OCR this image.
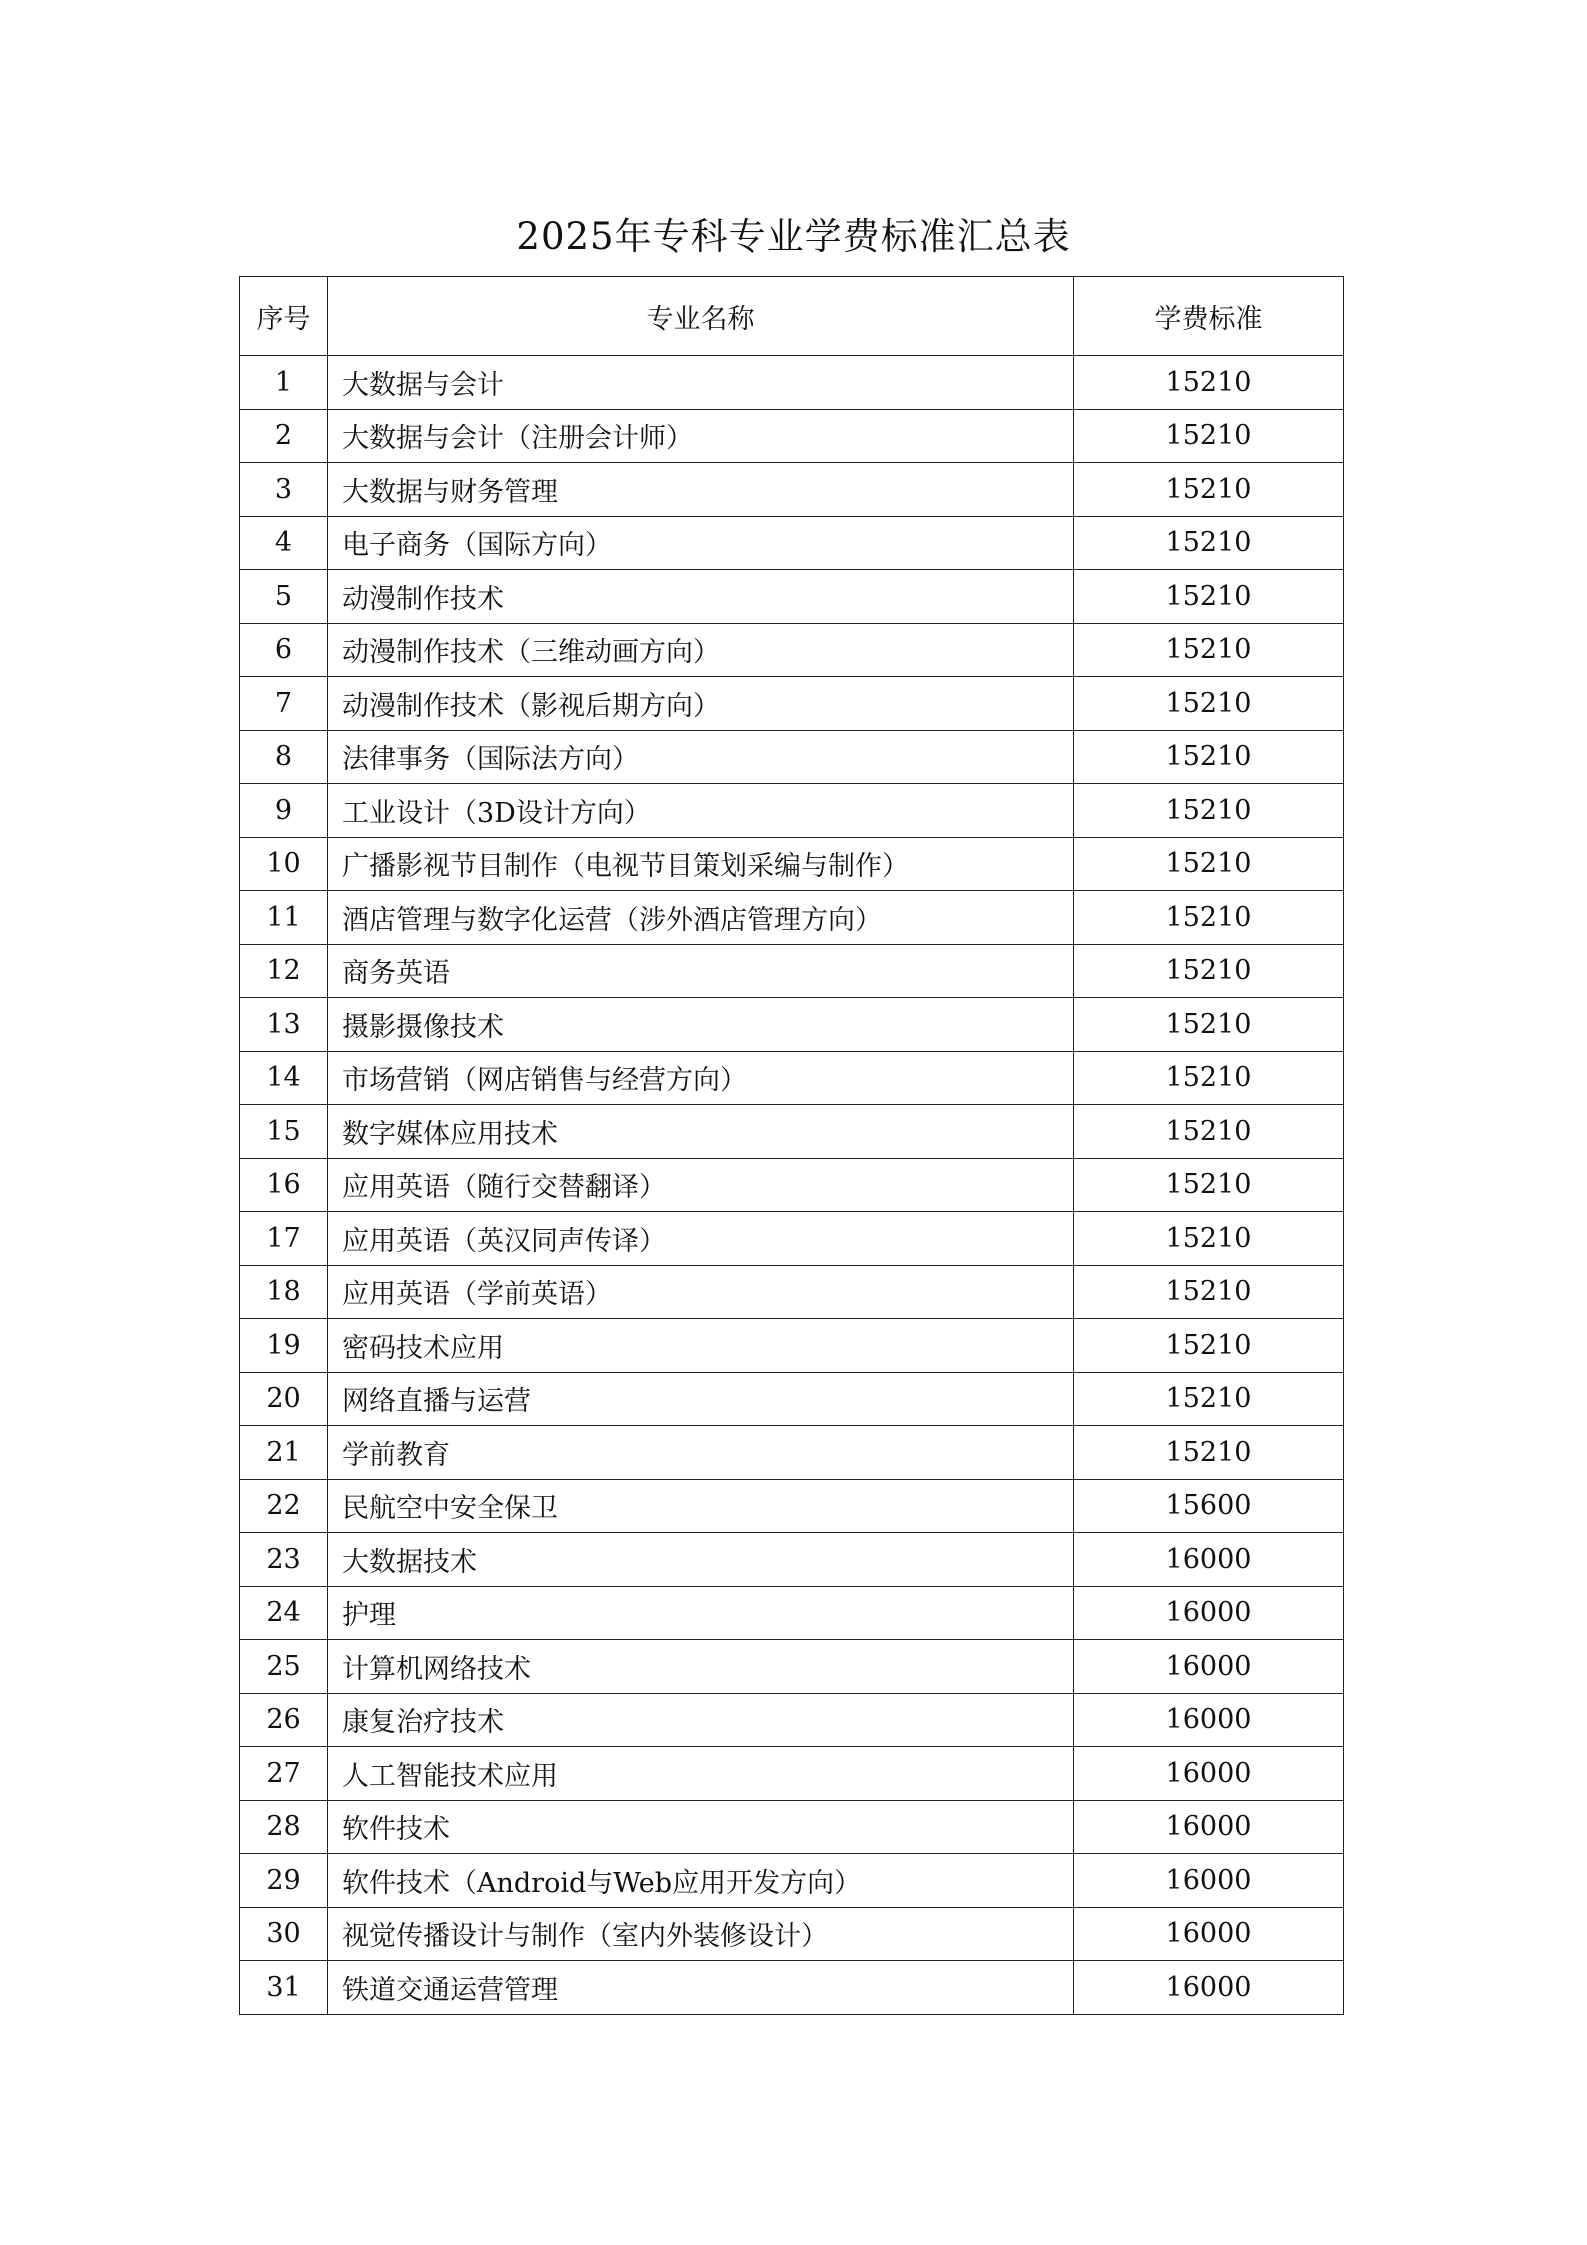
2025年专科专业学费标准汇总表
序号	专业名称	学费标准
1	大数据与会计	15210
2	大数据与会计（注册会计师）	15210
3	大数据与财务管理	15210
4	电子商务（国际方向）	15210
5	动漫制作技术	15210
6	动漫制作技术（三维动画方向）	15210
7	动漫制作技术（影视后期方向）	15210
8	法律事务（国际法方向）	15210
9	工业设计（3D设计方向）	15210
10	广播影视节目制作（电视节目策划采编与制作）	15210
11	酒店管理与数字化运营（涉外酒店管理方向）	15210
12	商务英语	15210
13	摄影摄像技术	15210
14	市场营销（网店销售与经营方向）	15210
15	数字媒体应用技术	15210
16	应用英语（随行交替翻译）	15210
17	应用英语（英汉同声传译）	15210
18	应用英语（学前英语）	15210
19	密码技术应用	15210
20	网络直播与运营	15210
21	学前教育	15210
22	民航空中安全保卫	15600
23	大数据技术	16000
24	护理	16000
25	计算机网络技术	16000
26	康复治疗技术	16000
27	人工智能技术应用	16000
28	软件技术	16000
29	软件技术（Android与Web应用开发方向）	16000
30	视觉传播设计与制作（室内外装修设计）	16000
31	铁道交通运营管理	16000
